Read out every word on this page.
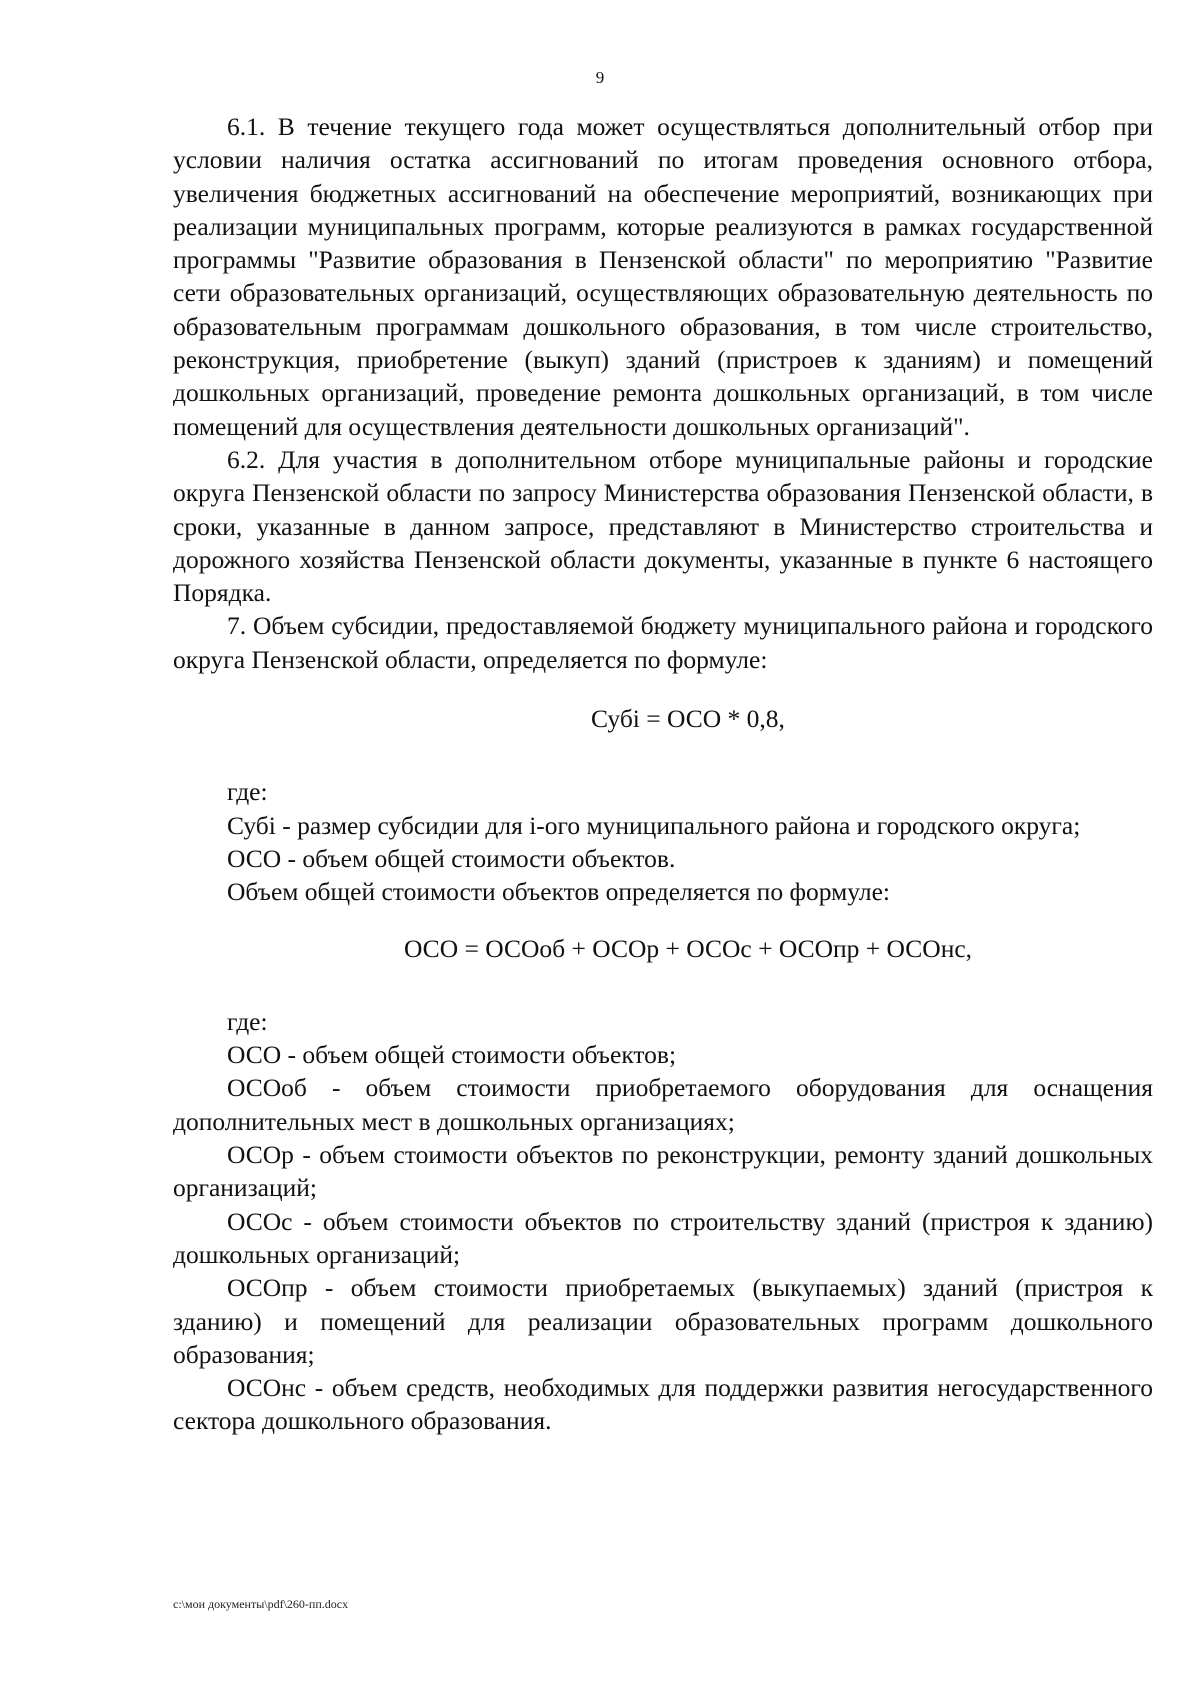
9

6.1. В течение текущего года может осуществляться дополнительный отбор при условии наличия остатка ассигнований по итогам проведения основного отбора, увеличения бюджетных ассигнований на обеспечение мероприятий, возникающих при реализации муниципальных программ, которые реализуются в рамках государственной программы "Развитие образования в Пензенской области" по мероприятию "Развитие сети образовательных организаций, осуществляющих образовательную деятельность по образовательным программам дошкольного образования, в том числе строительство, реконструкция, приобретение (выкуп) зданий (пристроев к зданиям) и помещений дошкольных организаций, проведение ремонта дошкольных организаций, в том числе помещений для осуществления деятельности дошкольных организаций".

6.2. Для участия в дополнительном отборе муниципальные районы и городские округа Пензенской области по запросу Министерства образования Пензенской области, в сроки, указанные в данном запросе, представляют в Министерство строительства и дорожного хозяйства Пензенской области документы, указанные в пункте 6 настоящего Порядка.

7. Объем субсидии, предоставляемой бюджету муниципального района и городского округа Пензенской области, определяется по формуле:

Субі = ОСО * 0,8,

где:

Субі - размер субсидии для і-ого муниципального района и городского округа;

ОСО - объем общей стоимости объектов.

Объем общей стоимости объектов определяется по формуле:

ОСО = ОСОоб + ОСОр + ОСОс + ОСОпр + ОСОнс,

где:

ОСО - объем общей стоимости объектов;

ОСОоб - объем стоимости приобретаемого оборудования для оснащения дополнительных мест в дошкольных организациях;

ОСОр - объем стоимости объектов по реконструкции, ремонту зданий дошкольных организаций;

ОСОс - объем стоимости объектов по строительству зданий (пристроя к зданию) дошкольных организаций;

ОСОпр - объем стоимости приобретаемых (выкупаемых) зданий (пристроя к зданию) и помещений для реализации образовательных программ дошкольного образования;

ОСОнс - объем средств, необходимых для поддержки развития негосударственного сектора дошкольного образования.

c:\мои документы\pdf\260-пп.docx
